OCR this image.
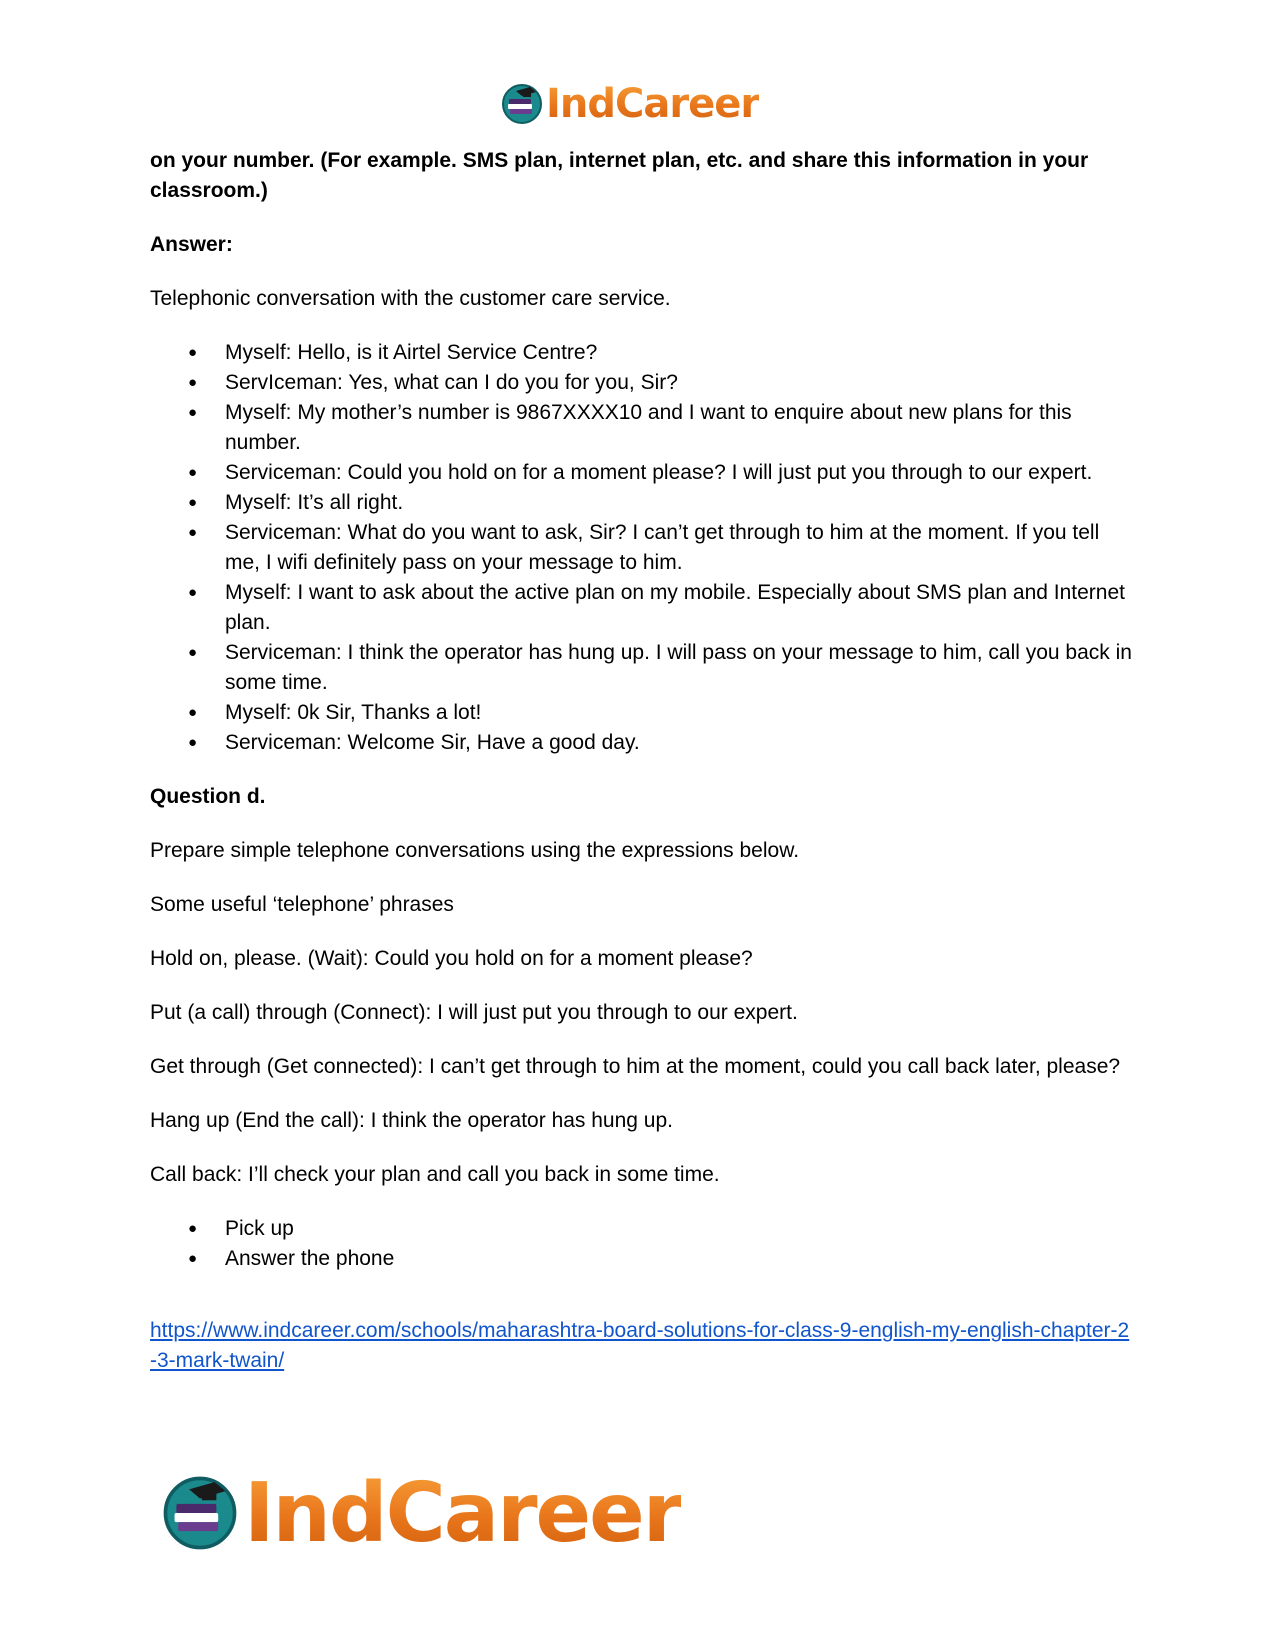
IndCareer

on your number. (For example. SMS plan, internet plan, etc. and share this information in your classroom.)

Answer:

Telephonic conversation with the customer care service.

● Myself: Hello, is it Airtel Service Centre?
● ServIceman: Yes, what can I do you for you, Sir?
● Myself: My mother’s number is 9867XXXX10 and I want to enquire about new plans for this number.
● Serviceman: Could you hold on for a moment please? I will just put you through to our expert.
● Myself: It’s all right.
● Serviceman: What do you want to ask, Sir? I can’t get through to him at the moment. If you tell me, I wifi definitely pass on your message to him.
● Myself: I want to ask about the active plan on my mobile. Especially about SMS plan and Internet plan.
● Serviceman: I think the operator has hung up. I will pass on your message to him, call you back in some time.
● Myself: 0k Sir, Thanks a lot!
● Serviceman: Welcome Sir, Have a good day.

Question d.

Prepare simple telephone conversations using the expressions below.

Some useful ‘telephone’ phrases

Hold on, please. (Wait): Could you hold on for a moment please?

Put (a call) through (Connect): I will just put you through to our expert.

Get through (Get connected): I can’t get through to him at the moment, could you call back later, please?

Hang up (End the call): I think the operator has hung up.

Call back: I’ll check your plan and call you back in some time.

● Pick up
● Answer the phone

https://www.indcareer.com/schools/maharashtra-board-solutions-for-class-9-english-my-english-chapter-2-3-mark-twain/

IndCareer
